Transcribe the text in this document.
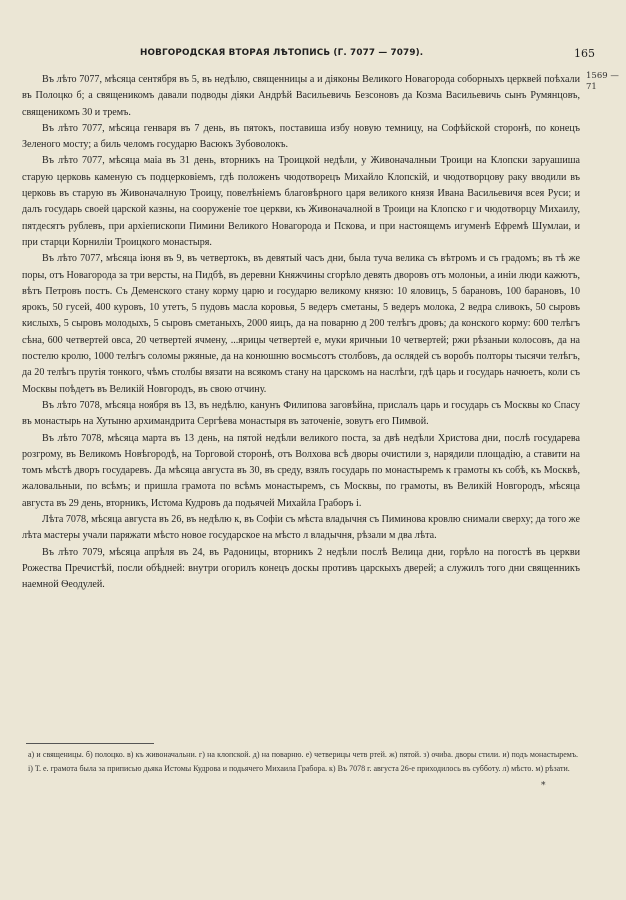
НОВГОРОДСКАЯ ВТОРАЯ ЛѢТОПИСЬ (Г. 7077 — 7079).	165
1569 —71

Въ лѣто 7077, мѣсяца сентября въ 5, въ недѣлю, священницы а и дiяконы Великого Новагорода соборныхъ церквей поѣхали въ Полоцко б; а священикомъ давали подводы дiяки Андрѣй Васильевичь Безсоновъ да Козма Васильевичь сынъ Румянцовъ, священикомъ 30 и тремъ.

Въ лѣто 7077, мѣсяца генваря въ 7 день, въ пятокъ, поставиша избу новую темницу, на Софѣйской сторонѣ, по конецъ Зеленого мосту; а биль челомъ государю Васюкъ Зубоволокъ.

Въ лѣто 7077, мѣсяца маiа въ 31 день, вторникъ на Троицкой недѣли, у Живоначалныи Троици на Клопски заруашиша старую церковь каменую съ подцерковiемъ, гдѣ положенъ чюдотворецъ Михайло Клопскiй, и чюдотворцову раку вводили въ церковь въ старую въ Живоначалную Троицу, повелѣнiемъ благовѣрного царя великого князя Ивана Васильевичя всея Руси; и далъ государь своей царской казны, на сооруженiе тое церкви, къ Живоначалной в Троици на Клопско г и чюдотворцу Михаилу, пятдесятъ рублевъ, при архiепископи Пимини Великого Новагорода и Пскова, и при настоящемъ игуменѣ Ефремѣ Шумлаи, и при старци Корнилiи Троицкого монастыря.

Въ лѣто 7077, мѣсяца iюня въ 9, въ четвертокъ, въ девятый часъ дни, была туча велика съ вѣтромъ и съ градомъ; въ тѣ же поры, отъ Новагорода за три версты, на Пидбѣ, въ деревни Княжчины сгорѣло девять дворовъ отъ молоньи, а инiи люди кажютъ, вѣтъ Петровъ постъ. Съ Деменского стану корму царю и государю великому князю: 10 яловицъ, 5 барановъ, 100 барановъ, 10 ярокъ, 50 гусей, 400 куровъ, 10 утетъ, 5 пудовъ масла коровья, 5 ведеръ сметаны, 5 ведеръ молока, 2 ведра сливокъ, 50 сыровъ кислыхъ, 5 сыровъ молодыхъ, 5 сыровъ сметаныхъ, 2000 яицъ, да на поварню д 200 телѣгъ дровъ; да конского корму: 600 телѣгъ сѣна, 600 четвертей овса, 20 четвертей ячмену, ...ярицы четвертей е, муки яричныи 10 четвертей; ржи рѣзаныи колосовъ, да на постелю кролю, 1000 телѣгъ соломы ржяные, да на конюшню восмьсотъ столбовъ, да ослядей съ воробъ полторы тысячи телѣгъ, да 20 телѣгъ прутiя тонкого, чѣмъ столбы вязати на всякомъ стану на царскомъ на наслѣги, гдѣ царь и государь начюетъ, коли съ Москвы поѣдетъ въ Великiй Новгородъ, въ свою отчину.

Въ лѣто 7078, мѣсяца ноября въ 13, въ недѣлю, канунъ Филипова заговѣйна, прислалъ царь и государь съ Москвы ко Спасу въ монастырь на Хутыню архимандрита Сергѣева монастыря въ заточенiе, зовутъ его Пимвой.

Въ лѣто 7078, мѣсяца марта въ 13 день, на пятой недѣли великого поста, за двѣ недѣли Христова дни, послѣ государева розгрому, въ Великомъ Новѣгородѣ, на Торговой сторонѣ, отъ Волхова всѣ дворы очистили з, нарядили площадiю, а ставити на томъ мѣстѣ дворъ государевъ. Да мѣсяца августа въ 30, въ среду, взялъ государь по монастыремъ к грамоты къ собѣ, къ Москвѣ, жаловальныи, по всѣмъ; и пришла грамота по всѣмъ монастыремъ, съ Москвы, по грамоты, въ Великiй Новгородъ, мѣсяца августа въ 29 день, вторникъ, Истома Кудровъ да подьячей Михайла Граборъ i.

Лѣта 7078, мѣсяца августа въ 26, въ недѣлю к, въ Софiи съ мѣста владычня съ Пиминова кровлю снимали сверху; да того же лѣта мастеры учали паряжати мѣсто новое государское на мѣсто л владычня, рѣзали м два лѣта.

Въ лѣто 7079, мѣсяца апрѣля въ 24, въ Радоницы, вторникъ 2 недѣли послѣ Велица дни, горѣло на погостѣ въ церкви Рожества Пречистѣй, посли обѣдней: внутри огорилъ конецъ доскы противъ царскыхъ дверей; а служилъ того дни священникъ наемной Ѳеодулей.

а) и священицы. б) полоцко. в) къ живоначальни. г) на клопской. д) на поварню. е) четверицы четв ртей. ж) пятой. з) очиbа. дворы стили. и) подъ монастыремъ. i) Т. е. грамота была за припиcью дьяка Истомы Кудрова и подьячего Михаила Грабора. к) Въ 7078 г. августа 26-е приходилось въ субботу. л) мѣсто. м) рѣзати.
*
